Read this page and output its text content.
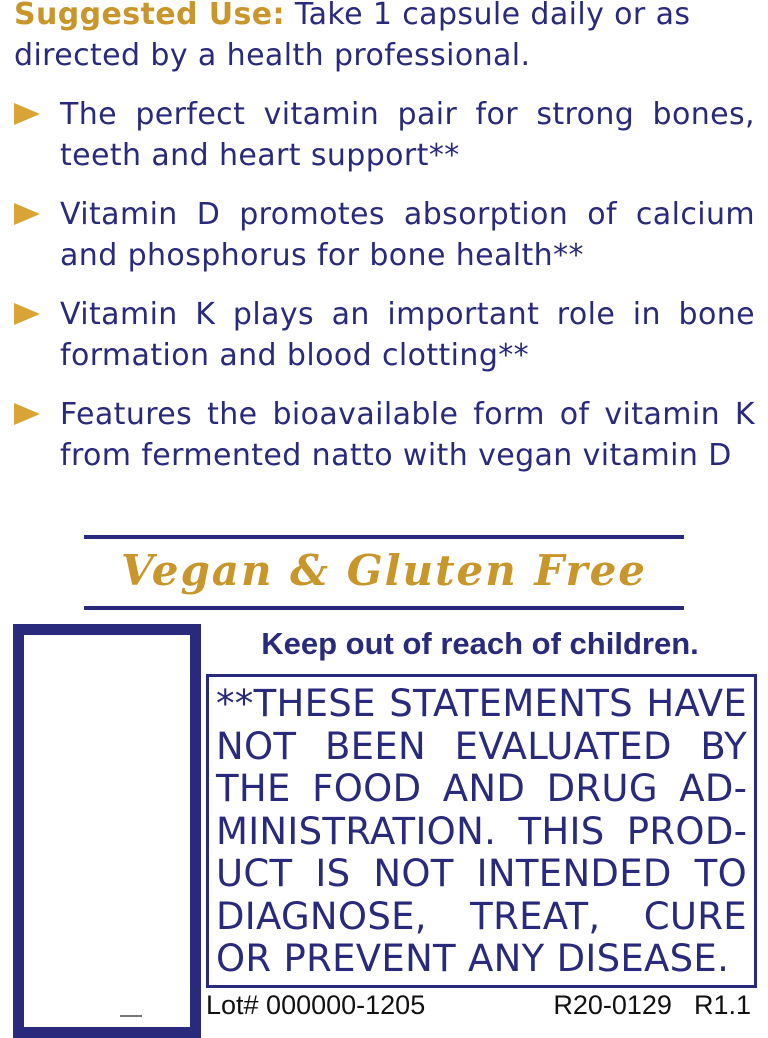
Suggested Use: Take 1 capsule daily or as directed by a health professional.

The perfect vitamin pair for strong bones, teeth and heart support**
Vitamin D promotes absorption of calcium and phosphorus for bone health**
Vitamin K plays an important role in bone formation and blood clotting**
Features the bioavailable form of vitamin K from fermented natto with vegan vitamin D
Vegan & Gluten Free
Keep out of reach of children.
**THESE STATEMENTS HAVE NOT BEEN EVALUATED BY THE FOOD AND DRUG ADMINISTRATION. THIS PRODUCT IS NOT INTENDED TO DIAGNOSE, TREAT, CURE OR PREVENT ANY DISEASE.
Lot# 000000-1205	R20-0129 R1.1
